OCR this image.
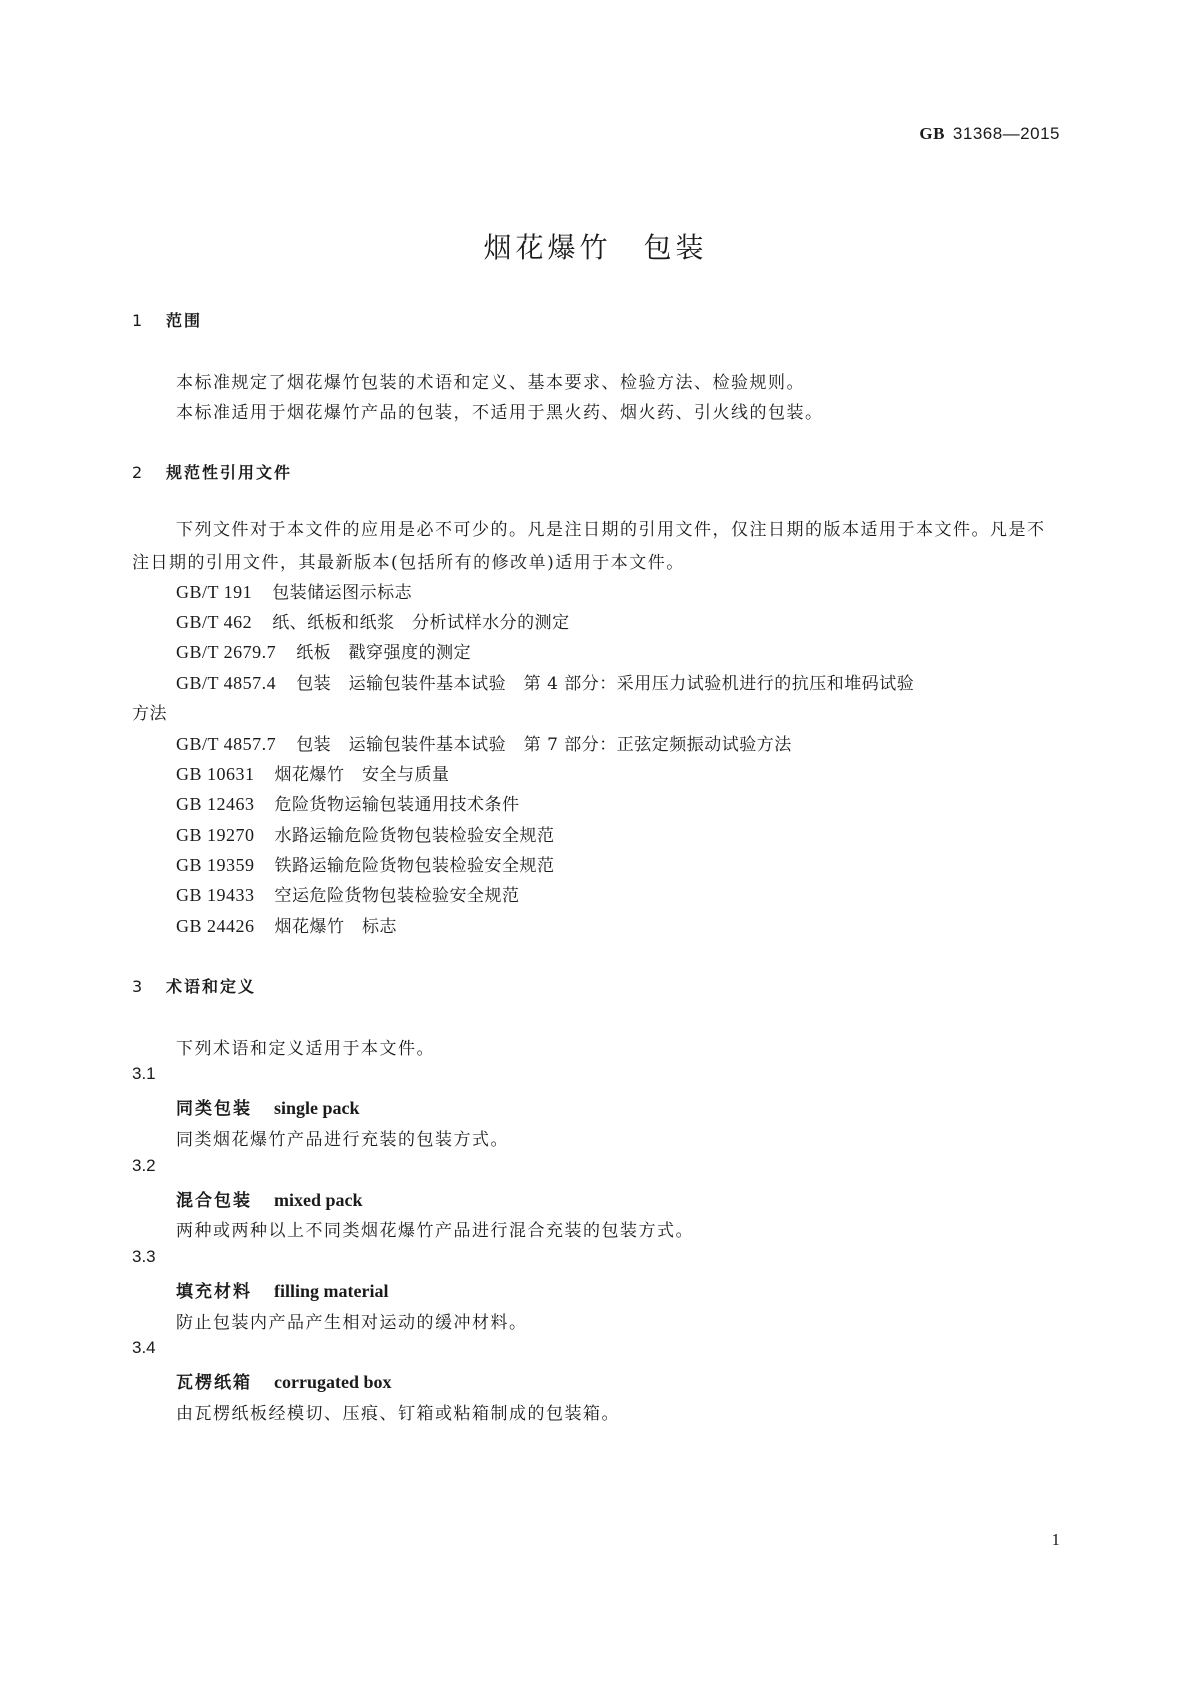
GB 31368—2015
烟花爆竹　包装
1 范围
本标准规定了烟花爆竹包装的术语和定义、基本要求、检验方法、检验规则。
本标准适用于烟花爆竹产品的包装，不适用于黑火药、烟火药、引火线的包装。
2 规范性引用文件
下列文件对于本文件的应用是必不可少的。凡是注日期的引用文件，仅注日期的版本适用于本文件。凡是不注日期的引用文件，其最新版本(包括所有的修改单)适用于本文件。
GB/T 191 包装储运图示标志
GB/T 462 纸、纸板和纸浆　分析试样水分的测定
GB/T 2679.7 纸板　戳穿强度的测定
GB/T 4857.4 包装　运输包装件基本试验　第 4 部分：采用压力试验机进行的抗压和堆码试验
方法
GB/T 4857.7 包装　运输包装件基本试验　第 7 部分：正弦定频振动试验方法
GB 10631 烟花爆竹　安全与质量
GB 12463 危险货物运输包装通用技术条件
GB 19270 水路运输危险货物包装检验安全规范
GB 19359 铁路运输危险货物包装检验安全规范
GB 19433 空运危险货物包装检验安全规范
GB 24426 烟花爆竹　标志
3 术语和定义
下列术语和定义适用于本文件。
3.1
同类包装 single pack
同类烟花爆竹产品进行充装的包装方式。
3.2
混合包装 mixed pack
两种或两种以上不同类烟花爆竹产品进行混合充装的包装方式。
3.3
填充材料 filling material
防止包装内产品产生相对运动的缓冲材料。
3.4
瓦楞纸箱 corrugated box
由瓦楞纸板经模切、压痕、钉箱或粘箱制成的包装箱。
1
